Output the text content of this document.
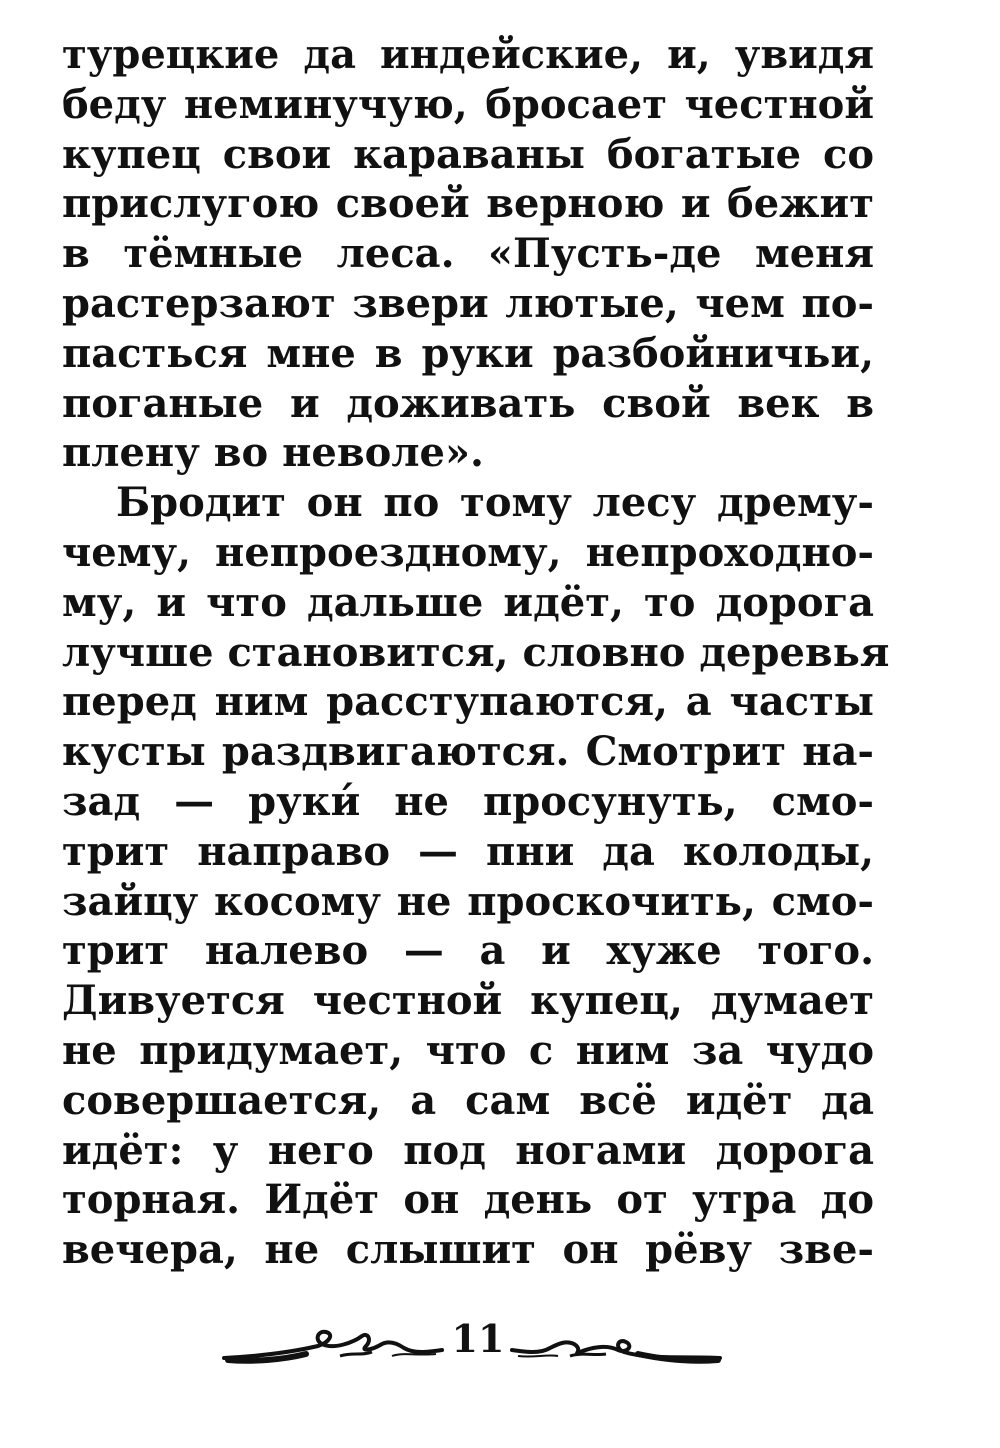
турецкие да индейские, и, увидя
беду неминучую, бросает честной
купец свои караваны богатые со
прислугою своей верною и бежит
в тёмные леса. «Пусть-де меня
растерзают звери лютые, чем по-
пасться мне в руки разбойничьи,
поганые и доживать свой век в
плену во неволе».
Бродит он по тому лесу дрему-
чему, непроездному, непроходно-
му, и что дальше идёт, то дорога
лучше становится, словно деревья
перед ним расступаются, а часты
кусты раздвигаются. Смотрит на-
зад — руки́ не просунуть, смо-
трит направо — пни да колоды,
зайцу косому не проскочить, смо-
трит налево — а и хуже того.
Дивуется честной купец, думает
не придумает, что с ним за чудо
совершается, а сам всё идёт да
идёт: у него под ногами дорога
торная. Идёт он день от утра до
вечера, не слышит он рёву зве-
11
